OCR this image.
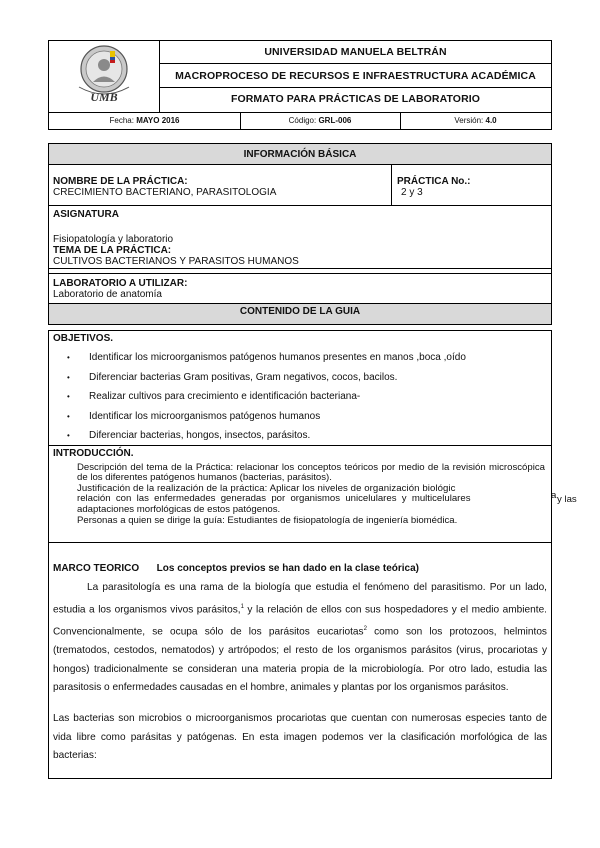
UMB
UNIVERSIDAD MANUELA BELTRÁN
MACROPROCESO DE RECURSOS E INFRAESTRUCTURA ACADÉMICA
FORMATO PARA PRÁCTICAS DE LABORATORIO
Fecha: MAYO 2016	Código: GRL-006	Versión: 4.0
INFORMACIÓN BÁSICA
NOMBRE DE LA PRÁCTICA:
CRECIMIENTO BACTERIANO, PARASITOLOGIA
PRÁCTICA No.:
2 y 3
ASIGNATURA
Fisiopatología y laboratorio
TEMA DE LA PRÁCTICA:
CULTIVOS BACTERIANOS Y PARASITOS HUMANOS
LABORATORIO A UTILIZAR:
Laboratorio de anatomía
CONTENIDO DE LA GUIA
OBJETIVOS.
• Identificar los microorganismos patógenos humanos presentes en manos ,boca ,oído
• Diferenciar bacterias Gram positivas, Gram negativos, cocos, bacilos.
• Realizar cultivos para crecimiento e identificación bacteriana-
• Identificar los microorganismos patógenos humanos
• Diferenciar bacterias, hongos, insectos, parásitos.
INTRODUCCIÓN.
Descripción del tema de la Práctica: relacionar los conceptos teóricos por medio de la revisión microscópica de los diferentes patógenos humanos (bacterias, parásitos).
Justificación de la realización de la práctica: Aplicar los niveles de organización biológic
a
relación con las enfermedades generadas por organismos unicelulares y multicelulares	y las
adaptaciones morfológicas de estos patógenos.
Personas a quien se dirige la guía: Estudiantes de fisiopatología de ingeniería biomédica.
MARCO TEORICO Los conceptos previos se han dado en la clase teórica)
La parasitología es una rama de la biología que estudia el fenómeno del parasitismo. Por un lado, estudia a los organismos vivos parásitos,$^1$ y la relación de ellos con sus hospedadores y el medio ambiente. Convencionalmente, se ocupa sólo de los parásitos eucariotas$^2$ como son los protozoos, helmintos (trematodos, cestodos, nematodos) y artrópodos; el resto de los organismos parásitos (virus, procariotas y hongos) tradicionalmente se consideran una materia propia de la microbiología. Por otro lado, estudia las parasitosis o enfermedades causadas en el hombre, animales y plantas por los organismos parásitos.
Las bacterias son microbios o microorganismos procariotas que cuentan con numerosas especies tanto de vida libre como parásitas y patógenas. En esta imagen podemos ver la clasificación morfológica de las bacterias:
